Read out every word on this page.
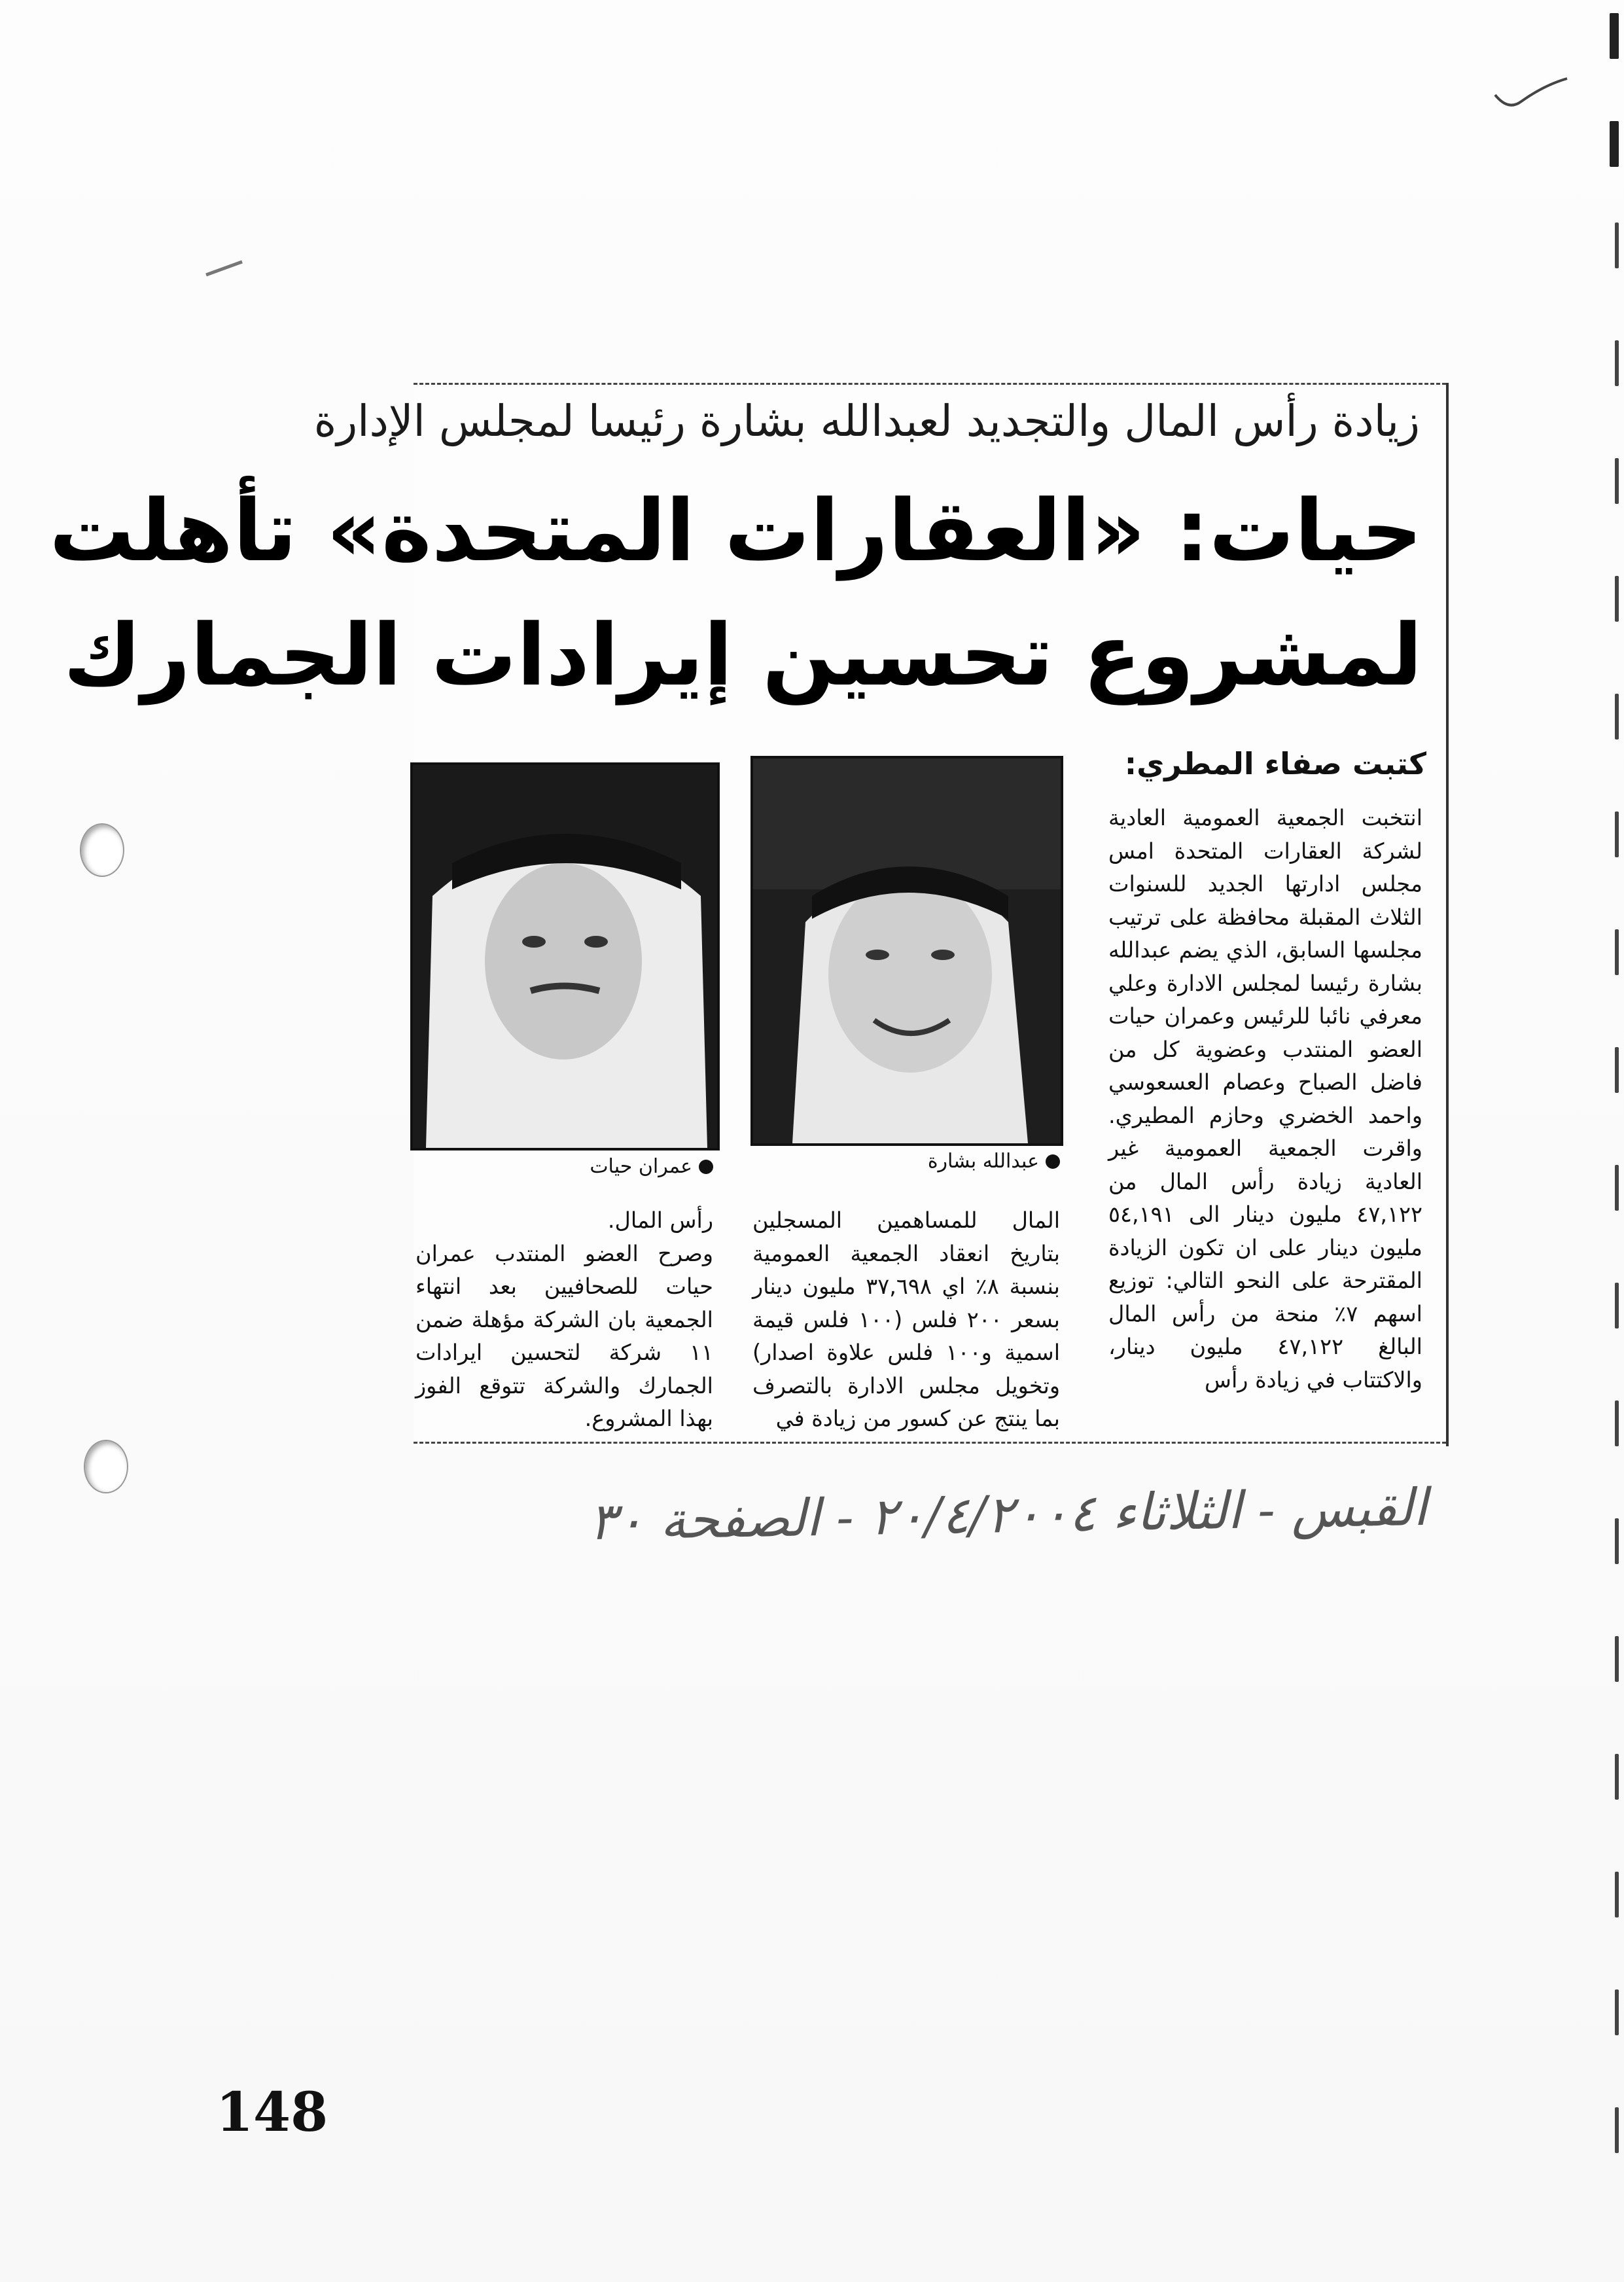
زيادة رأس المال والتجديد لعبدالله بشارة رئيسا لمجلس الإدارة
حيات: «العقارات المتحدة» تأهلت
لمشروع تحسين إيرادات الجمارك
كتبت صفاء المطري:

انتخبت الجمعية العمومية العادية لشركة العقارات المتحدة امس مجلس ادارتها الجديد للسنوات الثلاث المقبلة محافظة على ترتيب مجلسها السابق، الذي يضم عبدالله بشارة رئيسا لمجلس الادارة وعلي معرفي نائبا للرئيس وعمران حيات العضو المنتدب وعضوية كل من فاضل الصباح وعصام العسعوسي واحمد الخضري وحازم المطيري. واقرت الجمعية العمومية غير العادية زيادة رأس المال من ٤٧,١٢٢ مليون دينار الى ٥٤,١٩١ مليون دينار على ان تكون الزيادة المقترحة على النحو التالي: توزيع اسهم ٧٪ منحة من رأس المال البالغ ٤٧,١٢٢ مليون دينار، والاكتتاب في زيادة رأس

عبدالله بشارة
عمران حيات

المال للمساهمين المسجلين بتاريخ انعقاد الجمعية العمومية بنسبة ٨٪ اي ٣٧,٦٩٨ مليون دينار بسعر ٢٠٠ فلس (١٠٠ فلس قيمة اسمية و١٠٠ فلس علاوة اصدار) وتخويل مجلس الادارة بالتصرف بما ينتج عن كسور من زيادة في

رأس المال.

وصرح العضو المنتدب عمران حيات للصحافيين بعد انتهاء الجمعية بان الشركة مؤهلة ضمن ١١ شركة لتحسين ايرادات الجمارك والشركة تتوقع الفوز بهذا المشروع.

القبس - الثلاثاء ٢٠/٤/٢٠٠٤ - الصفحة ٣٠
148
